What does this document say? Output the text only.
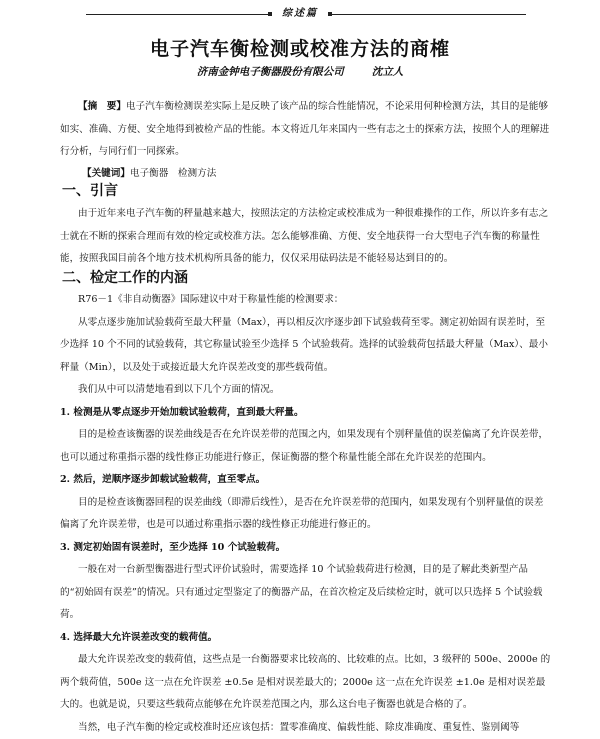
综述篇
电子汽车衡检测或校准方法的商榷
济南金钟电子衡器股份有限公司	沈立人
【摘　要】电子汽车衡检测误差实际上是反映了该产品的综合性能情况，不论采用何种检测方法，其目的是能够如实、准确、方便、安全地得到被检产品的性能。本文将近几年来国内一些有志之士的探索方法，按照个人的理解进行分析，与同行们一同探索。
【关键词】电子衡器　检测方法
一、引言
由于近年来电子汽车衡的秤量越来越大，按照法定的方法检定或校准成为一种很难操作的工作，所以许多有志之士就在不断的探索合理而有效的检定或校准方法。怎么能够准确、方便、安全地获得一台大型电子汽车衡的称量性能，按照我国目前各个地方技术机构所具备的能力，仅仅采用砝码法是不能轻易达到目的的。
二、检定工作的内涵

R76－1《非自动衡器》国际建议中对于称量性能的检测要求：

从零点逐步施加试验载荷至最大秤量（Max），再以相反次序逐步卸下试验载荷至零。测定初始固有误差时，至少选择 10 个不同的试验载荷，其它称量试验至少选择 5 个试验载荷。选择的试验载荷包括最大秤量（Max）、最小秤量（Min），以及处于或接近最大允许误差改变的那些载荷值。

我们从中可以清楚地看到以下几个方面的情况。

1. 检测是从零点逐步开始加载试验载荷，直到最大秤量。

目的是检查该衡器的误差曲线是否在允许误差带的范围之内，如果发现有个别秤量值的误差偏离了允许误差带，也可以通过称重指示器的线性修正功能进行修正，保证衡器的整个称量性能全部在允许误差的范围内。

2. 然后，逆顺序逐步卸载试验载荷，直至零点。

目的是检查该衡器回程的误差曲线（即滞后线性），是否在允许误差带的范围内，如果发现有个别秤量值的误差偏离了允许误差带，也是可以通过称重指示器的线性修正功能进行修正的。

3. 测定初始固有误差时，至少选择 10 个试验载荷。

一般在对一台新型衡器进行型式评价试验时，需要选择 10 个试验载荷进行检测，目的是了解此类新型产品的“初始固有误差”的情况。只有通过定型鉴定了的衡器产品，在首次检定及后续检定时，就可以只选择 5 个试验载荷。

4. 选择最大允许误差改变的载荷值。

最大允许误差改变的载荷值，这些点是一台衡器要求比较高的、比较难的点。比如，3 级秤的 500e、2000e 的两个载荷值，500e 这一点在允许误差 ±0.5e 是相对误差最大的；2000e 这一点在允许误差 ±1.0e 是相对误差最大的。也就是说，只要这些载荷点能够在允许误差范围之内，那么这台电子衡器也就是合格的了。

当然，电子汽车衡的检定或校准时还应该包括：置零准确度、偏载性能、除皮准确度、重复性、鉴别阈等
